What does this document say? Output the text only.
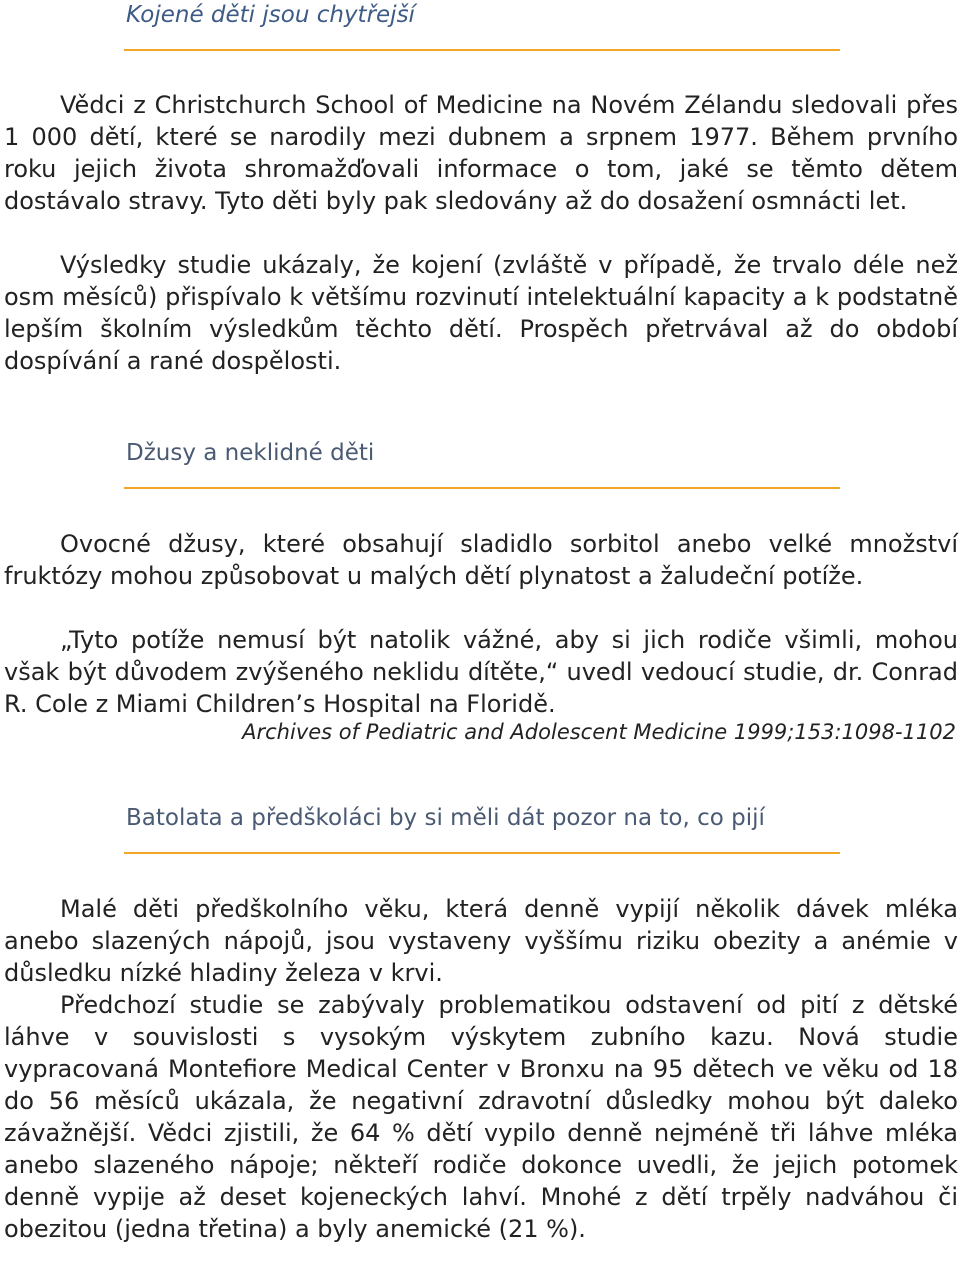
Kojené děti jsou chytřejší

Vědci z Christchurch School of Medicine na Novém Zélandu sledovali přes 1 000 dětí, které se narodily mezi dubnem a srpnem 1977. Během prvního roku jejich života shromažďovali informace o tom, jaké se těmto dětem dostávalo stravy. Tyto děti byly pak sledovány až do dosažení osmnácti let.

Výsledky studie ukázaly, že kojení (zvláště v případě, že trvalo déle než osm měsíců) přispívalo k většímu rozvinutí intelektuální kapacity a k podstatně lepším školním výsledkům těchto dětí. Prospěch přetrvával až do období dospívání a rané dospělosti.

Džusy a neklidné děti

Ovocné džusy, které obsahují sladidlo sorbitol anebo velké množství fruktózy mohou způsobovat u malých dětí plynatost a žaludeční potíže.

„Tyto potíže nemusí být natolik vážné, aby si jich rodiče všimli, mohou však být důvodem zvýšeného neklidu dítěte,“ uvedl vedoucí studie, dr. Conrad R. Cole z Miami Children’s Hospital na Floridě.

Archives of Pediatric and Adolescent Medicine 1999;153:1098-1102

Batolata a předškoláci by si měli dát pozor na to, co pijí

Malé děti předškolního věku, která denně vypijí několik dávek mléka anebo slazených nápojů, jsou vystaveny vyššímu riziku obezity a anémie v důsledku nízké hladiny železa v krvi.

Předchozí studie se zabývaly problematikou odstavení od pití z dětské láhve v souvislosti s vysokým výskytem zubního kazu. Nová studie vypracovaná Montefiore Medical Center v Bronxu na 95 dětech ve věku od 18 do 56 měsíců ukázala, že negativní zdravotní důsledky mohou být daleko závažnější. Vědci zjistili, že 64 % dětí vypilo denně nejméně tři láhve mléka anebo slazeného nápoje; někteří rodiče dokonce uvedli, že jejich potomek denně vypije až deset kojeneckých lahví. Mnohé z dětí trpěly nadváhou či obezitou (jedna třetina) a byly anemické (21 %).
